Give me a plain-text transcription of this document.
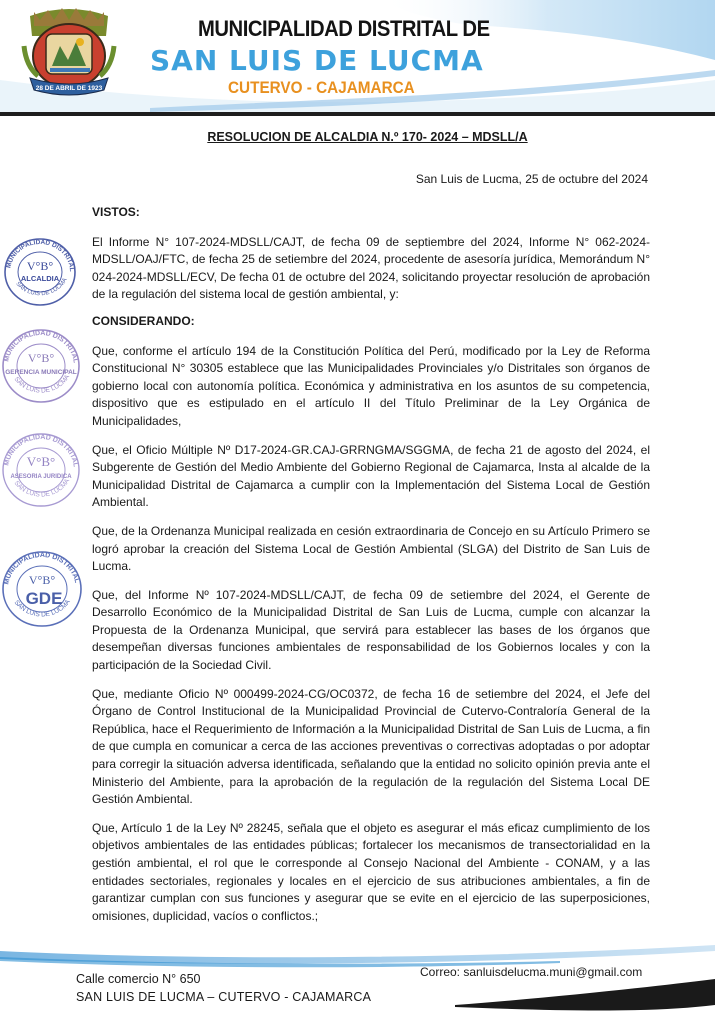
28 DE ABRIL DE 1923
MUNICIPALIDAD DISTRITAL DE
SAN LUIS DE LUCMA
CUTERVO - CAJAMARCA
RESOLUCION DE ALCALDIA N.º 170- 2024 – MDSLL/A
San Luis de Lucma, 25 de octubre del 2024
MUNICIPALIDAD DISTRITAL
SAN LUIS DE LUCMA
V°B°
ALCALDIA
MUNICIPALIDAD DISTRITAL
SAN LUIS DE LUCMA
V°B°
GERENCIA MUNICIPAL
MUNICIPALIDAD DISTRITAL
SAN LUIS DE LUCMA
V°B°
ASESORIA JURIDICA
MUNICIPALIDAD DISTRITAL
SAN LUIS DE LUCMA
V°B°
GDE

VISTOS:

El Informe N° 107-2024-MDSLL/CAJT, de fecha 09 de septiembre del 2024, Informe N° 062-2024-MDSLL/OAJ/FTC, de fecha 25 de setiembre del 2024, procedente de asesoría jurídica, Memorándum N° 024-2024-MDSLL/ECV, De fecha 01 de octubre del 2024, solicitando proyectar resolución de aprobación de la regulación del sistema local de gestión ambiental, y:

CONSIDERANDO:

Que, conforme el artículo 194 de la Constitución Política del Perú, modificado por la Ley de Reforma Constitucional N° 30305 establece que las Municipalidades Provinciales y/o Distritales son órganos de gobierno local con autonomía política. Económica y administrativa en los asuntos de su competencia, dispositivo que es estipulado en el artículo II del Título Preliminar de la Ley Orgánica de Municipalidades,

Que, el Oficio Múltiple Nº D17-2024-GR.CAJ-GRRNGMA/SGGMA, de fecha 21 de agosto del 2024, el Subgerente de Gestión del Medio Ambiente del Gobierno Regional de Cajamarca, Insta al alcalde de la Municipalidad Distrital de Cajamarca a cumplir con la Implementación del Sistema Local de Gestión Ambiental.

Que, de la Ordenanza Municipal realizada en cesión extraordinaria de Concejo en su Artículo Primero se logró aprobar la creación del Sistema Local de Gestión Ambiental (SLGA) del Distrito de San Luis de Lucma.

Que, del Informe Nº 107-2024-MDSLL/CAJT, de fecha 09 de setiembre del 2024, el Gerente de Desarrollo Económico de la Municipalidad Distrital de San Luis de Lucma, cumple con alcanzar la Propuesta de la Ordenanza Municipal, que servirá para establecer las bases de los órganos que desempeñan diversas funciones ambientales de responsabilidad de los Gobiernos locales y con la participación de la Sociedad Civil.

Que, mediante Oficio Nº 000499-2024-CG/OC0372, de fecha 16 de setiembre del 2024, el Jefe del Órgano de Control Institucional de la Municipalidad Provincial de Cutervo-Contraloría General de la República, hace el Requerimiento de Información a la Municipalidad Distrital de San Luis de Lucma, a fin de que cumpla en comunicar a cerca de las acciones preventivas o correctivas adoptadas o por adoptar para corregir la situación adversa identificada, señalando que la entidad no solicito opinión previa ante el Ministerio del Ambiente, para la aprobación de la regulación de la regulación del Sistema Local DE Gestión Ambiental.

Que, Artículo 1 de la Ley Nº 28245, señala que el objeto es asegurar el más eficaz cumplimiento de los objetivos ambientales de las entidades públicas; fortalecer los mecanismos de transectorialidad en la gestión ambiental, el rol que le corresponde al Consejo Nacional del Ambiente - CONAM, y a las entidades sectoriales, regionales y locales en el ejercicio de sus atribuciones ambientales, a fin de garantizar cumplan con sus funciones y asegurar que se evite en el ejercicio de las superposiciones, omisiones, duplicidad, vacíos o conflictos.;

Calle comercio N° 650
SAN LUIS DE LUCMA – CUTERVO - CAJAMARCA
Correo: sanluisdelucma.muni@gmail.com
